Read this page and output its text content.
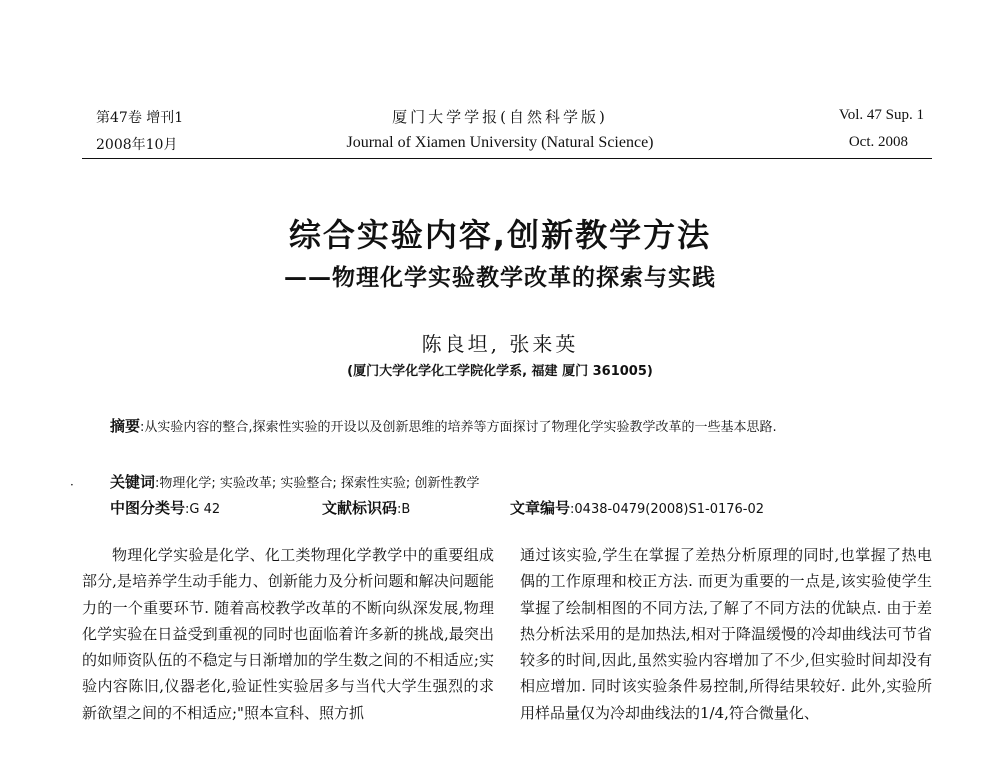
第47卷 增刊1
2008年10月
厦门大学学报(自然科学版)
Journal of Xiamen University (Natural Science)
Vol. 47 Sup. 1
Oct. 2008
综合实验内容,创新教学方法
——物理化学实验教学改革的探索与实践
陈良坦, 张来英
(厦门大学化学化工学院化学系, 福建 厦门 361005)
摘要:从实验内容的整合,探索性实验的开设以及创新思维的培养等方面探讨了物理化学实验教学改革的一些基本思路.
· 关键词:物理化学; 实验改革; 实验整合; 探索性实验; 创新性教学
中图分类号:G 42	文献标识码:B	文章编号:0438-0479(2008)S1-0176-02
物理化学实验是化学、化工类物理化学教学中的重要组成部分,是培养学生动手能力、创新能力及分析问题和解决问题能力的一个重要环节. 随着高校教学改革的不断向纵深发展,物理化学实验在日益受到重视的同时也面临着许多新的挑战,最突出的如师资队伍的不稳定与日渐增加的学生数之间的不相适应;实验内容陈旧,仪器老化,验证性实验居多与当代大学生强烈的求新欲望之间的不相适应;"照本宣科、照方抓
通过该实验,学生在掌握了差热分析原理的同时,也掌握了热电偶的工作原理和校正方法. 而更为重要的一点是,该实验使学生掌握了绘制相图的不同方法,了解了不同方法的优缺点. 由于差热分析法采用的是加热法,相对于降温缓慢的冷却曲线法可节省较多的时间,因此,虽然实验内容增加了不少,但实验时间却没有相应增加. 同时该实验条件易控制,所得结果较好. 此外,实验所用样品量仅为冷却曲线法的1/4,符合微量化、
